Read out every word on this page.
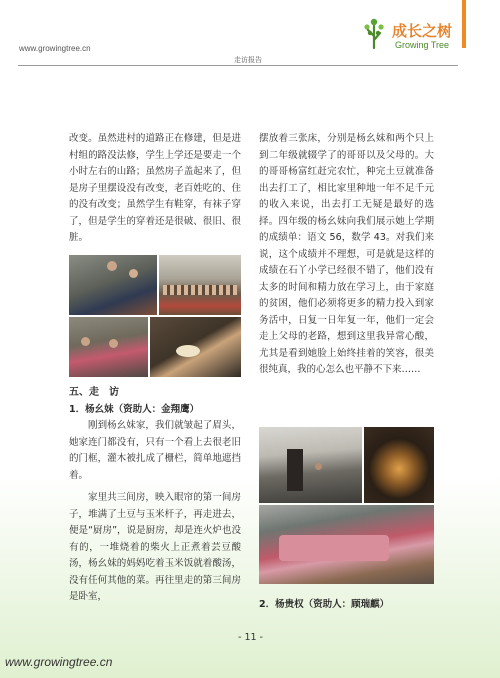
成长之树
Growing Tree
www.growingtree.cn
走访报告

改变。虽然进村的道路正在修建，但是进村组的路没法修，学生上学还是要走一个小时左右的山路；虽然房子盖起来了，但是房子里摆设没有改变，老百姓吃的、住的没有改变；虽然学生有鞋穿，有袜子穿了，但是学生的穿着还是很破、很旧、很脏。

五、走　访

1．杨幺妹（资助人：金翔鹰）

刚到杨幺妹家，我们就皱起了眉头，她家连门都没有，只有一个看上去很老旧的门框，灌木被扎成了栅栏，简单地遮挡着。

家里共三间房，映入眼帘的第一间房子，堆满了土豆与玉米杆子，再走进去，便是“厨房”，说是厨房，却是连火炉也没有的，一堆烧着的柴火上正煮着芸豆酸汤，杨幺妹的妈妈吃着玉米饭就着酸汤，没有任何其他的菜。再往里走的第三间房是卧室，

摆放着三张床，分别是杨幺妹和两个只上到二年级就辍学了的哥哥以及父母的。大的哥哥杨富红赶完农忙，种完土豆就准备出去打工了，相比家里种地一年不足千元的收入来说，出去打工无疑是最好的选择。四年级的杨幺妹向我们展示她上学期的成绩单：语文 56，数学 43。对我们来说，这个成绩并不理想，可是就是这样的成绩在石丫小学已经很不错了，他们没有太多的时间和精力放在学习上，由于家庭的贫困，他们必须将更多的精力投入到家务活中，日复一日年复一年，他们一定会走上父母的老路，想到这里我异常心酸，尤其是看到她脸上始终挂着的笑容，很美很纯真，我的心怎么也平静不下来……

2．杨贵权（资助人：顾瑞麒）
- 11 -
www.growingtree.cn
